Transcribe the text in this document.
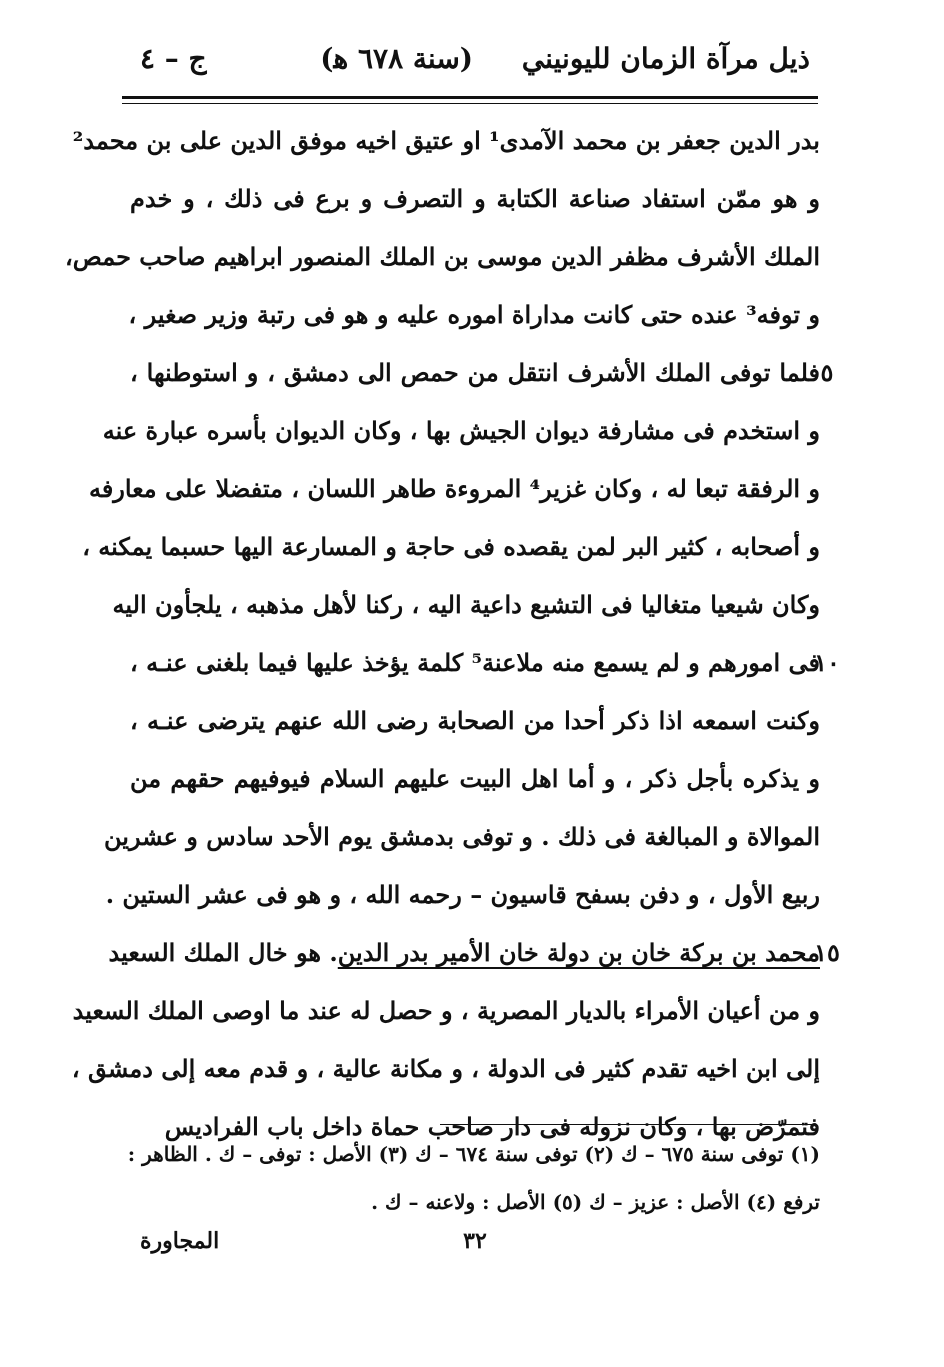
ذيل مرآة الزمان لليونيني     (سنة ٦٧٨ ﻫ)
ج – ٤
بدر الدين جعفر بن محمد الآمدى¹ او عتيق اخيه موفق الدين على بن محمد²
و هو ممّن استفاد صناعة الكتابة و التصرف و برع فى ذلك ، و خدم
الملك الأشرف مظفر الدين موسى بن الملك المنصور ابراهيم صاحب حمص،
و توفه³ عنده حتى كانت مداراة اموره عليه و هو فى رتبة وزير صغير ،
فلما توفى الملك الأشرف انتقل من حمص الى دمشق ، و استوطنها ،
و استخدم فى مشارفة ديوان الجيش بها ، وكان الديوان بأسره عبارة عنه
و الرفقة تبعا له ، وكان غزير⁴ المروءة طاهر اللسان ، متفضلا على معارفه
و أصحابه ، كثير البر لمن يقصده فى حاجة و المسارعة اليها حسبما يمكنه ،
وكان شيعيا متغاليا فى التشيع داعية اليه ، ركنا لأهل مذهبه ، يلجأون اليه
فى امورهم و لم يسمع منه ملاعنة⁵ كلمة يؤخذ عليها فيما بلغنى عنـه ،
وكنت اسمعه اذا ذكر أحدا من الصحابة رضى الله عنهم يترضى عنـه ،
و يذكره بأجل ذكر ، و أما اهل البيت عليهم السلام فيوفيهم حقهم من
الموالاة و المبالغة فى ذلك . و توفى بدمشق يوم الأحد سادس و عشرين
ربيع الأول ، و دفن بسفح قاسيون – رحمه الله ، و هو فى عشر الستين .
محمد بن بركة خان بن دولة خان الأمير بدر الدين. هو خال الملك السعيد
و من أعيان الأمراء بالديار المصرية ، و حصل له عند ما اوصى الملك السعيد
إلى ابن اخيه تقدم كثير فى الدولة ، و مكانة عالية ، و قدم معه إلى دمشق ،
فتمرّض بها ، وكان نزوله فى دار صاحب حماة داخل باب الفراديس
٥
١٠
١٥
(١) توفى سنة ٦٧٥ – ك (٢) توفى سنة ٦٧٤ – ك (٣) الأصل : توفى – ك . الظاهر :
ترفع (٤) الأصل : عزيز – ك (٥) الأصل : ولاعنه – ك .
٣٢
المجاورة
